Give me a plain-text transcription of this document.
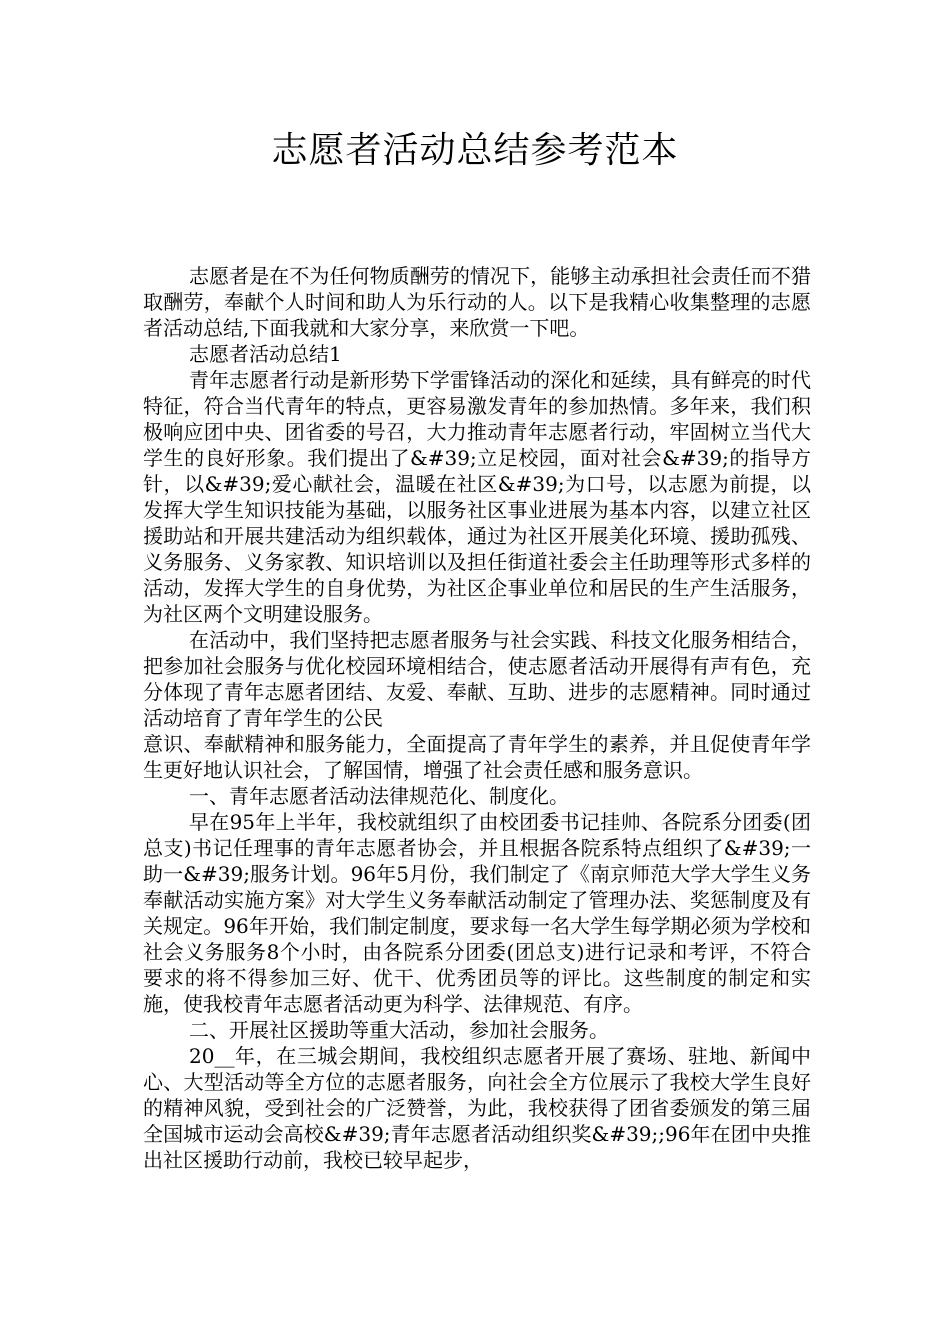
志愿者活动总结参考范本

志愿者是在不为任何物质酬劳的情况下，能够主动承担社会责任而不猎取酬劳，奉献个人时间和助人为乐行动的人。以下是我精心收集整理的志愿者活动总结,下面我就和大家分享，来欣赏一下吧。

志愿者活动总结1

青年志愿者行动是新形势下学雷锋活动的深化和延续，具有鲜亮的时代特征，符合当代青年的特点，更容易激发青年的参加热情。多年来，我们积极响应团中央、团省委的号召，大力推动青年志愿者行动，牢固树立当代大学生的良好形象。我们提出了&#39;立足校园，面对社会&#39;的指导方针，以&#39;爱心献社会，温暖在社区&#39;为口号，以志愿为前提，以发挥大学生知识技能为基础，以服务社区事业进展为基本内容，以建立社区援助站和开展共建活动为组织载体，通过为社区开展美化环境、援助孤残、义务服务、义务家教、知识培训以及担任街道社委会主任助理等形式多样的活动，发挥大学生的自身优势，为社区企事业单位和居民的生产生活服务，为社区两个文明建设服务。

在活动中，我们坚持把志愿者服务与社会实践、科技文化服务相结合，把参加社会服务与优化校园环境相结合，使志愿者活动开展得有声有色，充分体现了青年志愿者团结、友爱、奉献、互助、进步的志愿精神。同时通过活动培育了青年学生的公民

意识、奉献精神和服务能力，全面提高了青年学生的素养，并且促使青年学生更好地认识社会，了解国情，增强了社会责任感和服务意识。

一、青年志愿者活动法律规范化、制度化。

早在95年上半年，我校就组织了由校团委书记挂帅、各院系分团委(团总支)书记任理事的青年志愿者协会，并且根据各院系特点组织了&#39;一助一&#39;服务计划。96年5月份，我们制定了《南京师范大学大学生义务奉献活动实施方案》对大学生义务奉献活动制定了管理办法、奖惩制度及有关规定。96年开始，我们制定制度，要求每一名大学生每学期必须为学校和社会义务服务8个小时，由各院系分团委(团总支)进行记录和考评，不符合要求的将不得参加三好、优干、优秀团员等的评比。这些制度的制定和实施，使我校青年志愿者活动更为科学、法律规范、有序。

二、开展社区援助等重大活动，参加社会服务。

20__年，在三城会期间，我校组织志愿者开展了赛场、驻地、新闻中心、大型活动等全方位的志愿者服务，向社会全方位展示了我校大学生良好的精神风貌，受到社会的广泛赞誉，为此，我校获得了团省委颁发的第三届全国城市运动会高校&#39;青年志愿者活动组织奖&#39;;96年在团中央推出社区援助行动前，我校已较早起步，
